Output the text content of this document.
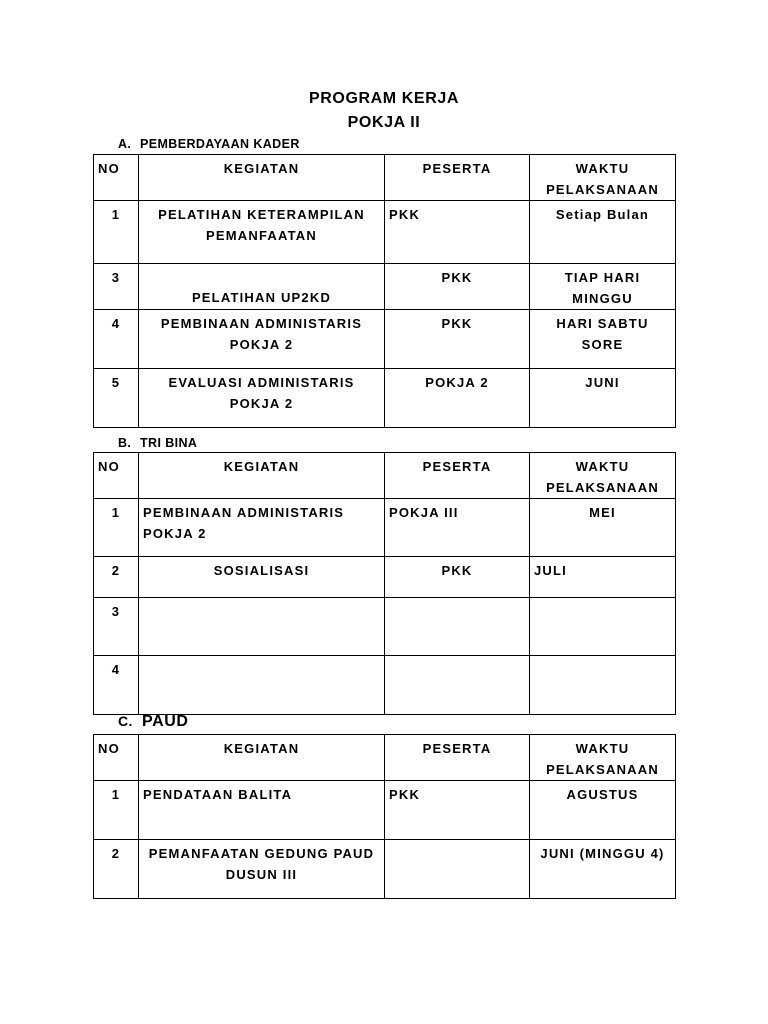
PROGRAM KERJA
POKJA II
A. PEMBERDAYAAN KADER
NO	KEGIATAN	PESERTA	WAKTU PELAKSANAAN
1	PELATIHAN KETERAMPILAN PEMANFAATAN	PKK	Setiap Bulan
3	PELATIHAN UP2KD	PKK	TIAP HARI MINGGU
4	PEMBINAAN ADMINISTARIS POKJA 2	PKK	HARI SABTU SORE
5	EVALUASI ADMINISTARIS POKJA 2	POKJA 2	JUNI
B. TRI BINA
NO	KEGIATAN	PESERTA	WAKTU PELAKSANAAN
1	PEMBINAAN ADMINISTARIS POKJA 2	POKJA III	MEI
2	SOSIALISASI	PKK	JULI
3			
4			
C. PAUD
NO	KEGIATAN	PESERTA	WAKTU PELAKSANAAN
1	PENDATAAN BALITA	PKK	AGUSTUS
2	PEMANFAATAN GEDUNG PAUD DUSUN III		JUNI (MINGGU 4)
